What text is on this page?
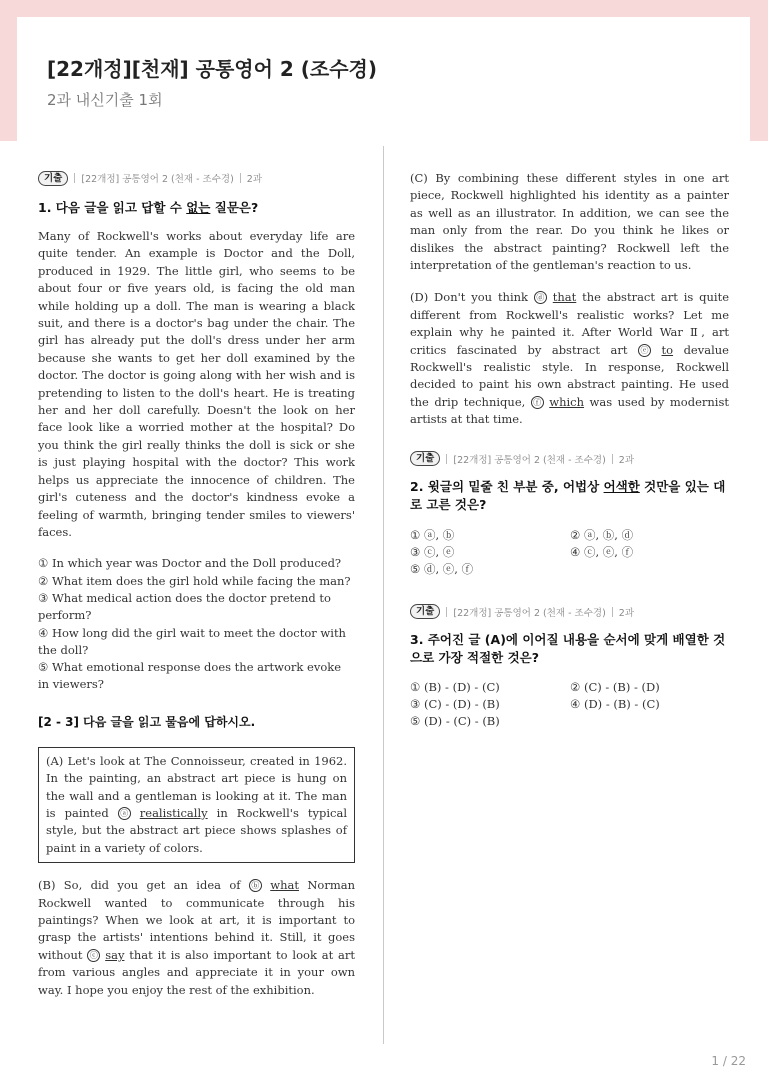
[22개정][천재] 공통영어 2 (조수경)
2과 내신기출 1회
기출	[22개정] 공통영어 2 (천재 - 조수경) 2과
1. 다음 글을 읽고 답할 수 없는 질문은?

Many of Rockwell's works about everyday life are quite tender. An example is Doctor and the Doll, produced in 1929. The little girl, who seems to be about four or five years old, is facing the old man while holding up a doll. The man is wearing a black suit, and there is a doctor's bag under the chair. The girl has already put the doll's dress under her arm because she wants to get her doll examined by the doctor. The doctor is going along with her wish and is pretending to listen to the doll's heart. He is treating her and her doll carefully. Doesn't the look on her face look like a worried mother at the hospital? Do you think the girl really thinks the doll is sick or she is just playing hospital with the doctor? This work helps us appreciate the innocence of children. The girl's cuteness and the doctor's kindness evoke a feeling of warmth, bringing tender smiles to viewers' faces.

① In which year was Doctor and the Doll produced?
② What item does the girl hold while facing the man?
③ What medical action does the doctor pretend to perform?
④ How long did the girl wait to meet the doctor with the doll?
⑤ What emotional response does the artwork evoke in viewers?
[2 - 3] 다음 글을 읽고 물음에 답하시오.

(A) Let's look at The Connoisseur, created in 1962. In the painting, an abstract art piece is hung on the wall and a gentleman is looking at it. The man is painted ⓐ realistically in Rockwell's typical style, but the abstract art piece shows splashes of paint in a variety of colors.

(B) So, did you get an idea of ⓑ what Norman Rockwell wanted to communicate through his paintings? When we look at art, it is important to grasp the artists' intentions behind it. Still, it goes without ⓒ say that it is also important to look at art from various angles and appreciate it in your own way. I hope you enjoy the rest of the exhibition.

(C) By combining these different styles in one art piece, Rockwell highlighted his identity as a painter as well as an illustrator. In addition, we can see the man only from the rear. Do you think he likes or dislikes the abstract painting? Rockwell left the interpretation of the gentleman's reaction to us.

(D) Don't you think ⓓ that the abstract art is quite different from Rockwell's realistic works? Let me explain why he painted it. After World War Ⅱ, art critics fascinated by abstract art ⓔ to devalue Rockwell's realistic style. In response, Rockwell decided to paint his own abstract painting. He used the drip technique, ⓕ which was used by modernist artists at that time.

기출	[22개정] 공통영어 2 (천재 - 조수경) 2과
2. 윗글의 밑줄 친 부분 중, 어법상 어색한 것만을 있는 대로 고른 것은?
① ⓐ, ⓑ	② ⓐ, ⓑ, ⓓ
③ ⓒ, ⓔ	④ ⓒ, ⓔ, ⓕ
⑤ ⓓ, ⓔ, ⓕ
기출	[22개정] 공통영어 2 (천재 - 조수경) 2과
3. 주어진 글 (A)에 이어질 내용을 순서에 맞게 배열한 것으로 가장 적절한 것은?
① (B) - (D) - (C)	② (C) - (B) - (D)
③ (C) - (D) - (B)	④ (D) - (B) - (C)
⑤ (D) - (C) - (B)
1 / 22
